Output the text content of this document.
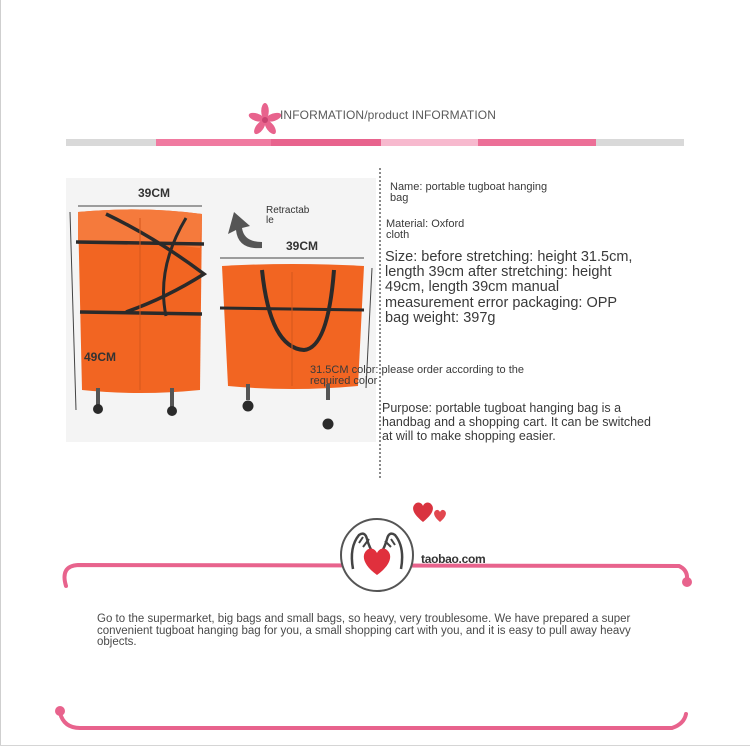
INFORMATION/product INFORMATION
39CM
39CM
49CM
Retractab
le
Name: portable tugboat hanging
bag
Material: Oxford
cloth
Size: before stretching: height 31.5cm, length 39cm after stretching: height 49cm, length 39cm manual measurement error packaging: OPP bag weight: 397g
31.5CM color: please order according to the
required color
Purpose: portable tugboat hanging bag is a handbag and a shopping cart. It can be switched at will to make shopping easier.
taobao.com
Go to the supermarket, big bags and small bags, so heavy, very troublesome. We have prepared a super convenient tugboat hanging bag for you, a small shopping cart with you, and it is easy to pull away heavy objects.
